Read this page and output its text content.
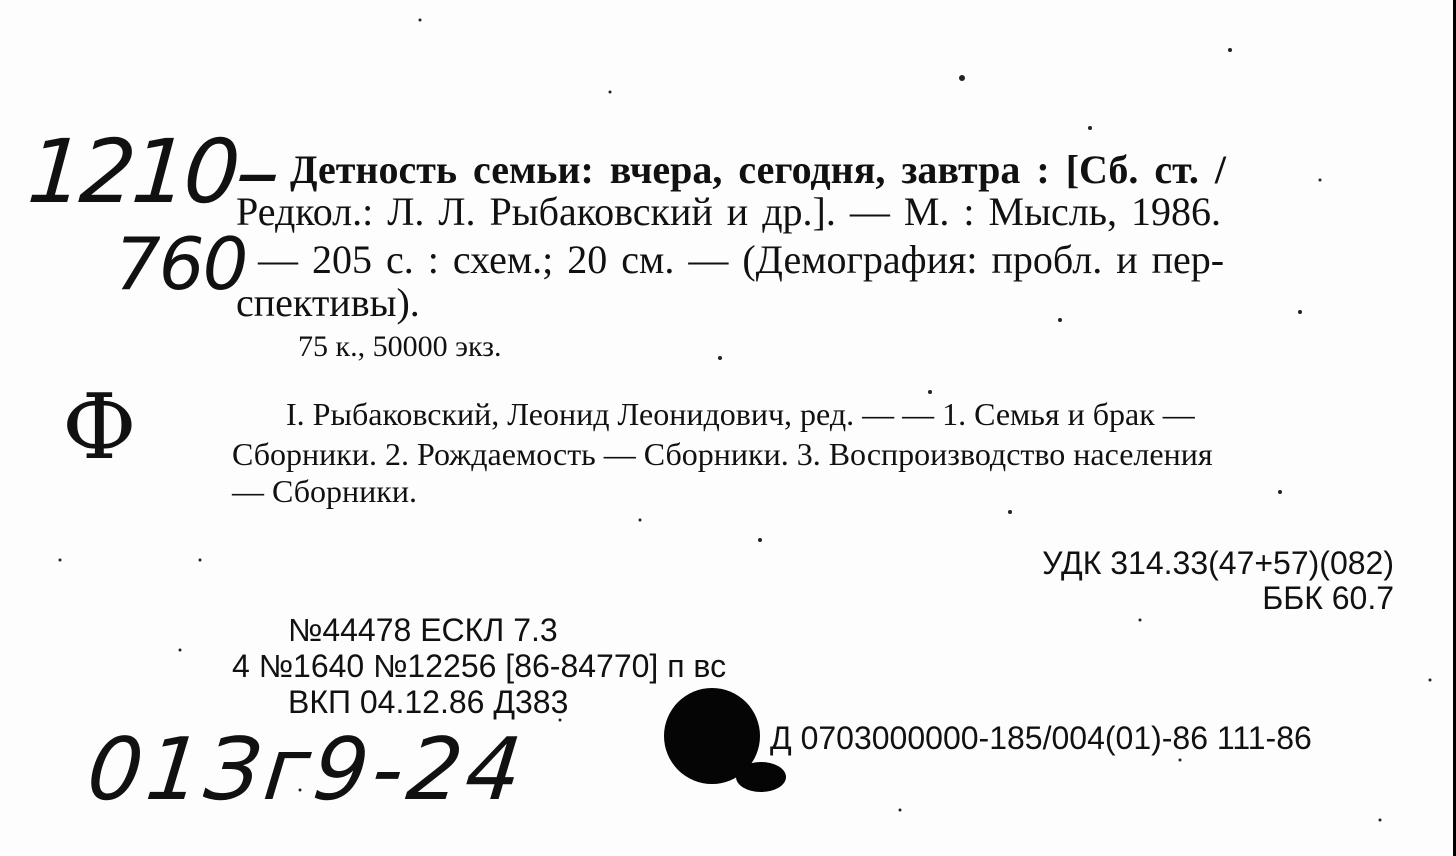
1210–
760
Ф
01Зг9-24
Детность семьи: вчера, сегодня, завтра : [Сб. ст. /
Редкол.: Л. Л. Рыбаковский и др.]. — М. : Мысль, 1986.
— 205 с. : схем.; 20 см. — (Демография: пробл. и пер-
спективы).
75 к., 50000 экз.
I. Рыбаковский, Леонид Леонидович, ред. — — 1. Семья и брак —
Сборники. 2. Рождаемость — Сборники. 3. Воспроизводство населения
— Сборники.
УДК 314.33(47+57)(082)
ББК 60.7
№44478 ЕСКЛ 7.3
4 №1640 №12256 [86-84770] п вс
ВКП 04.12.86 Д383
Д 0703000000-185/004(01)-86 111-86
